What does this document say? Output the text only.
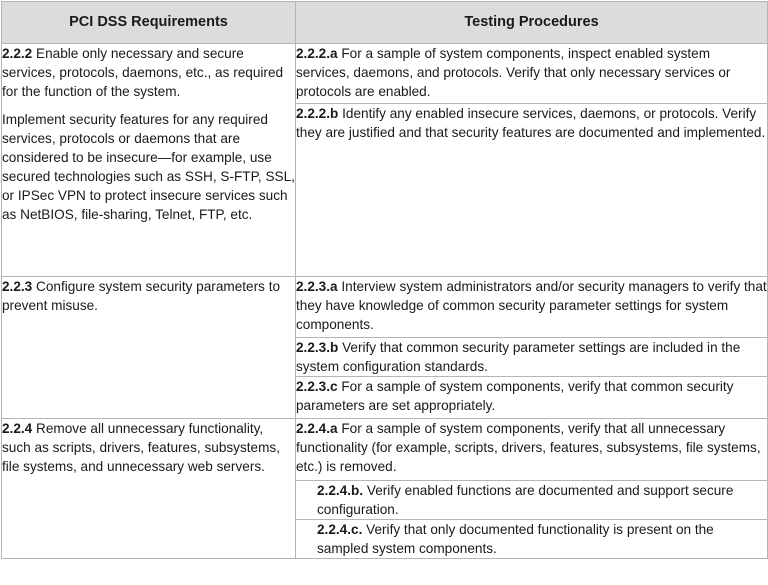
PCI DSS Requirements	Testing Procedures

2.2.2 Enable only necessary and secure services, protocols, daemons, etc., as required for the function of the system.

Implement security features for any required services, protocols or daemons that are considered to be insecure—for example, use secured technologies such as SSH, S-FTP, SSL, or IPSec VPN to protect insecure services such as NetBIOS, file-sharing, Telnet, FTP, etc.	2.2.2.a For a sample of system components, inspect enabled system services, daemons, and protocols. Verify that only necessary services or protocols are enabled.
	2.2.2.b Identify any enabled insecure services, daemons, or protocols. Verify they are justified and that security features are documented and implemented.

2.2.3 Configure system security parameters to prevent misuse.	2.2.3.a Interview system administrators and/or security managers to verify that they have knowledge of common security parameter settings for system components.
	2.2.3.b Verify that common security parameter settings are included in the system configuration standards.
	2.2.3.c For a sample of system components, verify that common security parameters are set appropriately.

2.2.4 Remove all unnecessary functionality, such as scripts, drivers, features, subsystems, file systems, and unnecessary web servers.	2.2.4.a For a sample of system components, verify that all unnecessary functionality (for example, scripts, drivers, features, subsystems, file systems, etc.) is removed.
	2.2.4.b. Verify enabled functions are documented and support secure configuration.
	2.2.4.c. Verify that only documented functionality is present on the sampled system components.
